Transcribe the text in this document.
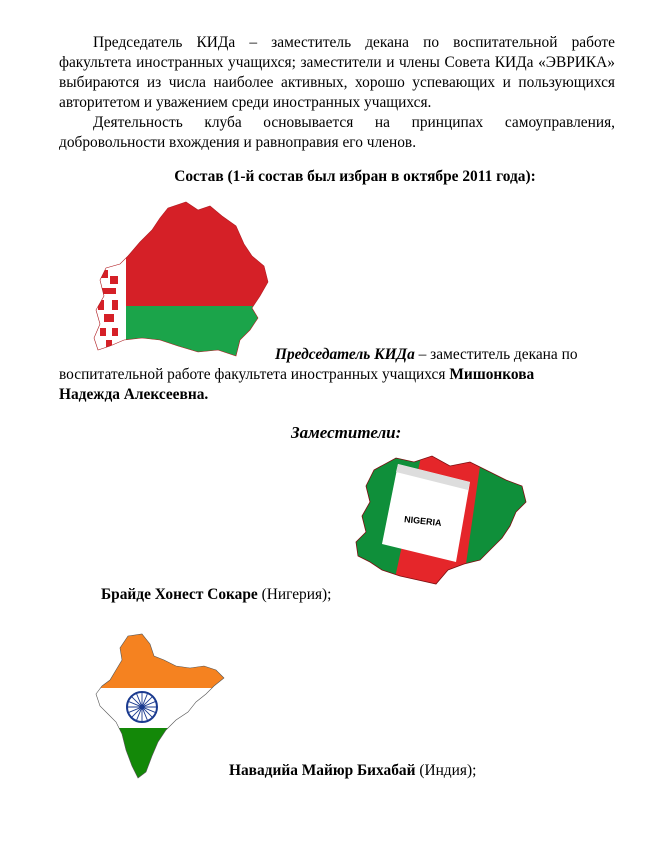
Председатель КИДа – заместитель декана по воспитательной работе факультета иностранных учащихся; заместители и члены Совета КИДа «ЭВРИКА» выбираются из числа наиболее активных, хорошо успевающих и пользующихся авторитетом и уважением среди иностранных учащихся.

Деятельность клуба основывается на принципах самоуправления, добровольности вхождения и равноправия его членов.

Состав (1-й состав был избран в октябре 2011 года):

Председатель КИДа – заместитель декана по

воспитательной работе факультета иностранных учащихся Мишонкова

Надежда Алексеевна.

Заместители:

NIGERIA

Брайде Хонест Сокаре (Нигерия);

Навадийа Майюр Бихабай (Индия);
